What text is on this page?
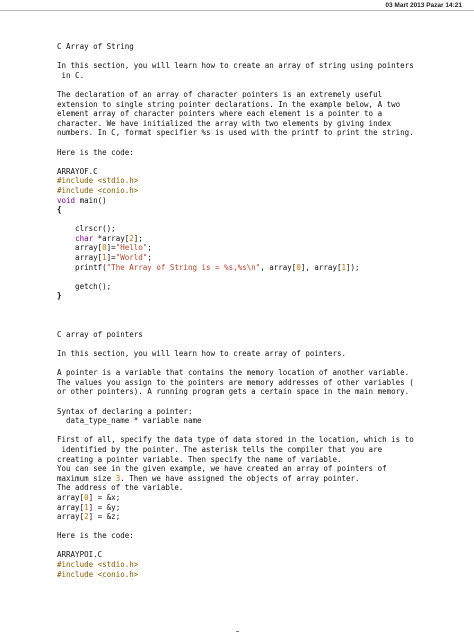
03 Mart 2013 Pazar 14:21
C Array of String
In this section, you will learn how to create an array of string using pointers
in C.
The declaration of an array of character pointers is an extremely useful
extension to single string pointer declarations. In the example below, A two
element array of character pointers where each element is a pointer to a
character. We have initialized the array with two elements by giving index
numbers. In C, format specifier %s is used with the printf to print the string.
Here is the code:
ARRAYOF.C
#include <stdio.h>
#include <conio.h>
void main()
{

clrscr();
char *array[2];
array[0]="Hello";
array[1]="World";
printf("The Array of String is = %s,%s\n", array[0], array[1]);

getch();
}
C array of pointers
In this section, you will learn how to create array of pointers.
A pointer is a variable that contains the memory location of another variable.
The values you assign to the pointers are memory addresses of other variables (
or other pointers). A running program gets a certain space in the main memory.
Syntax of declaring a pointer:
data_type_name * variable name
First of all, specify the data type of data stored in the location, which is to
identified by the pointer. The asterisk tells the compiler that you are
creating a pointer variable. Then specify the name of variable.
You can see in the given example, we have created an array of pointers of
maximum size 3. Then we have assigned the objects of array pointer.
The address of the variable.
array[0] = &x;
array[1] = &y;
array[2] = &z;
Here is the code:
ARRAYPOI.C
#include <stdio.h>
#include <conio.h>
